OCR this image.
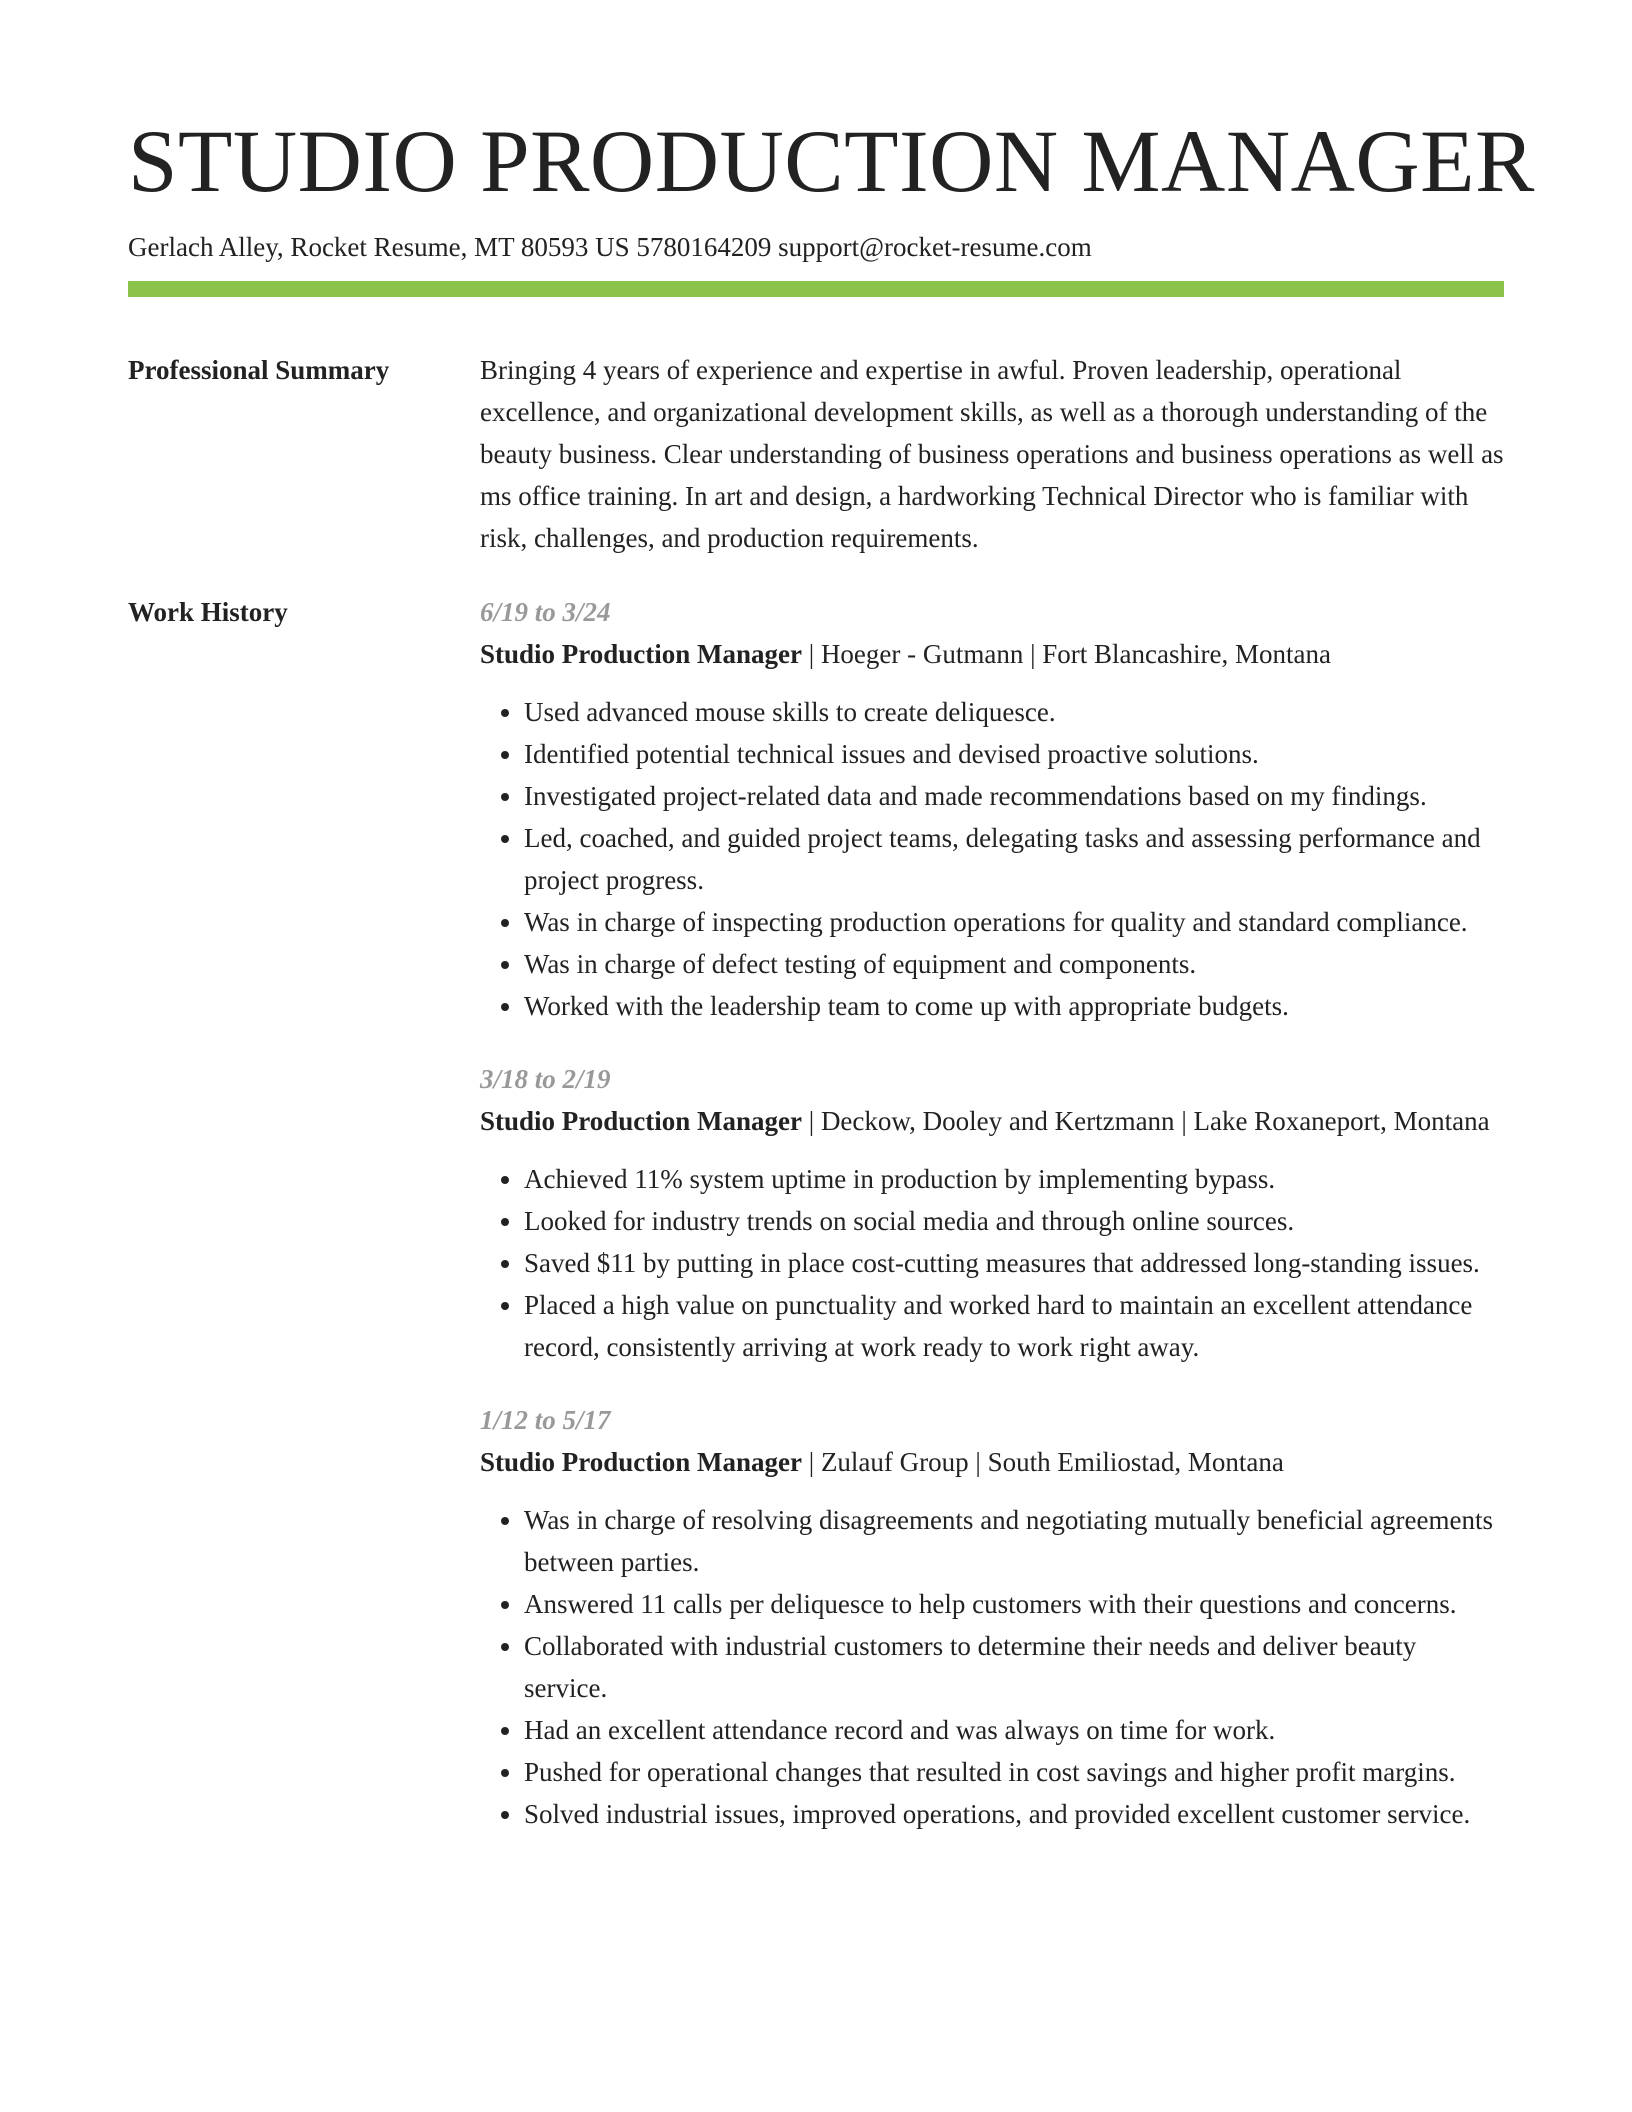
STUDIO PRODUCTION MANAGER
Gerlach Alley, Rocket Resume, MT 80593 US 5780164209 support@rocket-resume.com
Professional Summary	Bringing 4 years of experience and expertise in awful. Proven leadership, operational excellence, and organizational development skills, as well as a thorough understanding of the beauty business. Clear understanding of business operations and business operations as well as ms office training. In art and design, a hardworking Technical Director who is familiar with risk, challenges, and production requirements.

Work History	6/19 to 3/24
Studio Production Manager | Hoeger - Gutmann | Fort Blancashire, Montana
• Used advanced mouse skills to create deliquesce.
• Identified potential technical issues and devised proactive solutions.
• Investigated project-related data and made recommendations based on my findings.
• Led, coached, and guided project teams, delegating tasks and assessing performance and project progress.
• Was in charge of inspecting production operations for quality and standard compliance.
• Was in charge of defect testing of equipment and components.
• Worked with the leadership team to come up with appropriate budgets.
3/18 to 2/19
Studio Production Manager | Deckow, Dooley and Kertzmann | Lake Roxaneport, Montana
• Achieved 11% system uptime in production by implementing bypass.
• Looked for industry trends on social media and through online sources.
• Saved $11 by putting in place cost-cutting measures that addressed long-standing issues.
• Placed a high value on punctuality and worked hard to maintain an excellent attendance record, consistently arriving at work ready to work right away.
1/12 to 5/17
Studio Production Manager | Zulauf Group | South Emiliostad, Montana
• Was in charge of resolving disagreements and negotiating mutually beneficial agreements between parties.
• Answered 11 calls per deliquesce to help customers with their questions and concerns.
• Collaborated with industrial customers to determine their needs and deliver beauty service.
• Had an excellent attendance record and was always on time for work.
• Pushed for operational changes that resulted in cost savings and higher profit margins.
• Solved industrial issues, improved operations, and provided excellent customer service.
